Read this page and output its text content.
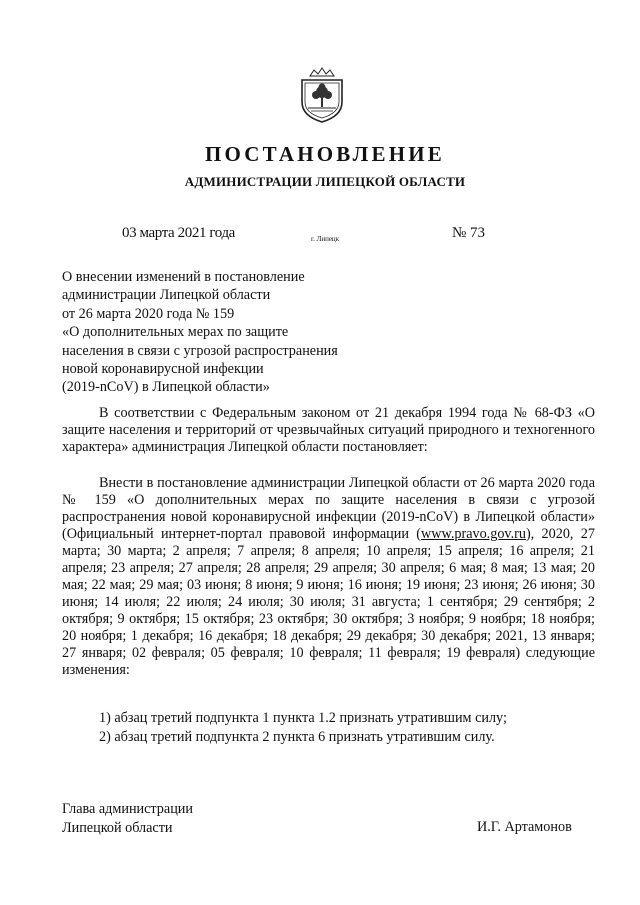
ПОСТАНОВЛЕНИЕ
АДМИНИСТРАЦИИ ЛИПЕЦКОЙ ОБЛАСТИ
03 марта 2021 года	г. Липецк	№ 73
О внесении изменений в постановление
администрации Липецкой области
от 26 марта 2020 года № 159
«О дополнительных мерах по защите
населения в связи с угрозой распространения
новой коронавирусной инфекции
(2019-nCoV) в Липецкой области»

В соответствии с Федеральным законом от 21 декабря 1994 года № 68-ФЗ «О защите населения и территорий от чрезвычайных ситуаций природного и техногенного характера» администрация Липецкой области постановляет:

Внести в постановление администрации Липецкой области от 26 марта 2020 года № 159 «О дополнительных мерах по защите населения в связи с угрозой распространения новой коронавирусной инфекции (2019-nCoV) в Липецкой области» (Официальный интернет-портал правовой информации (www.pravo.gov.ru), 2020, 27 марта; 30 марта; 2 апреля; 7 апреля; 8 апреля; 10 апреля; 15 апреля; 16 апреля; 21 апреля; 23 апреля; 27 апреля; 28 апреля; 29 апреля; 30 апреля; 6 мая; 8 мая; 13 мая; 20 мая; 22 мая; 29 мая; 03 июня; 8 июня; 9 июня; 16 июня; 19 июня; 23 июня; 26 июня; 30 июня; 14 июля; 22 июля; 24 июля; 30 июля; 31 августа; 1 сентября; 29 сентября; 2 октября; 9 октября; 15 октября; 23 октября; 30 октября; 3 ноября; 9 ноября; 18 ноября; 20 ноября; 1 декабря; 16 декабря; 18 декабря; 29 декабря; 30 декабря; 2021, 13 января; 27 января; 02 февраля; 05 февраля; 10 февраля; 11 февраля; 19 февраля) следующие изменения:

1) абзац третий подпункта 1 пункта 1.2 признать утратившим силу;
2) абзац третий подпункта 2 пункта 6 признать утратившим силу.
Глава администрации
Липецкой области	И.Г. Артамонов
